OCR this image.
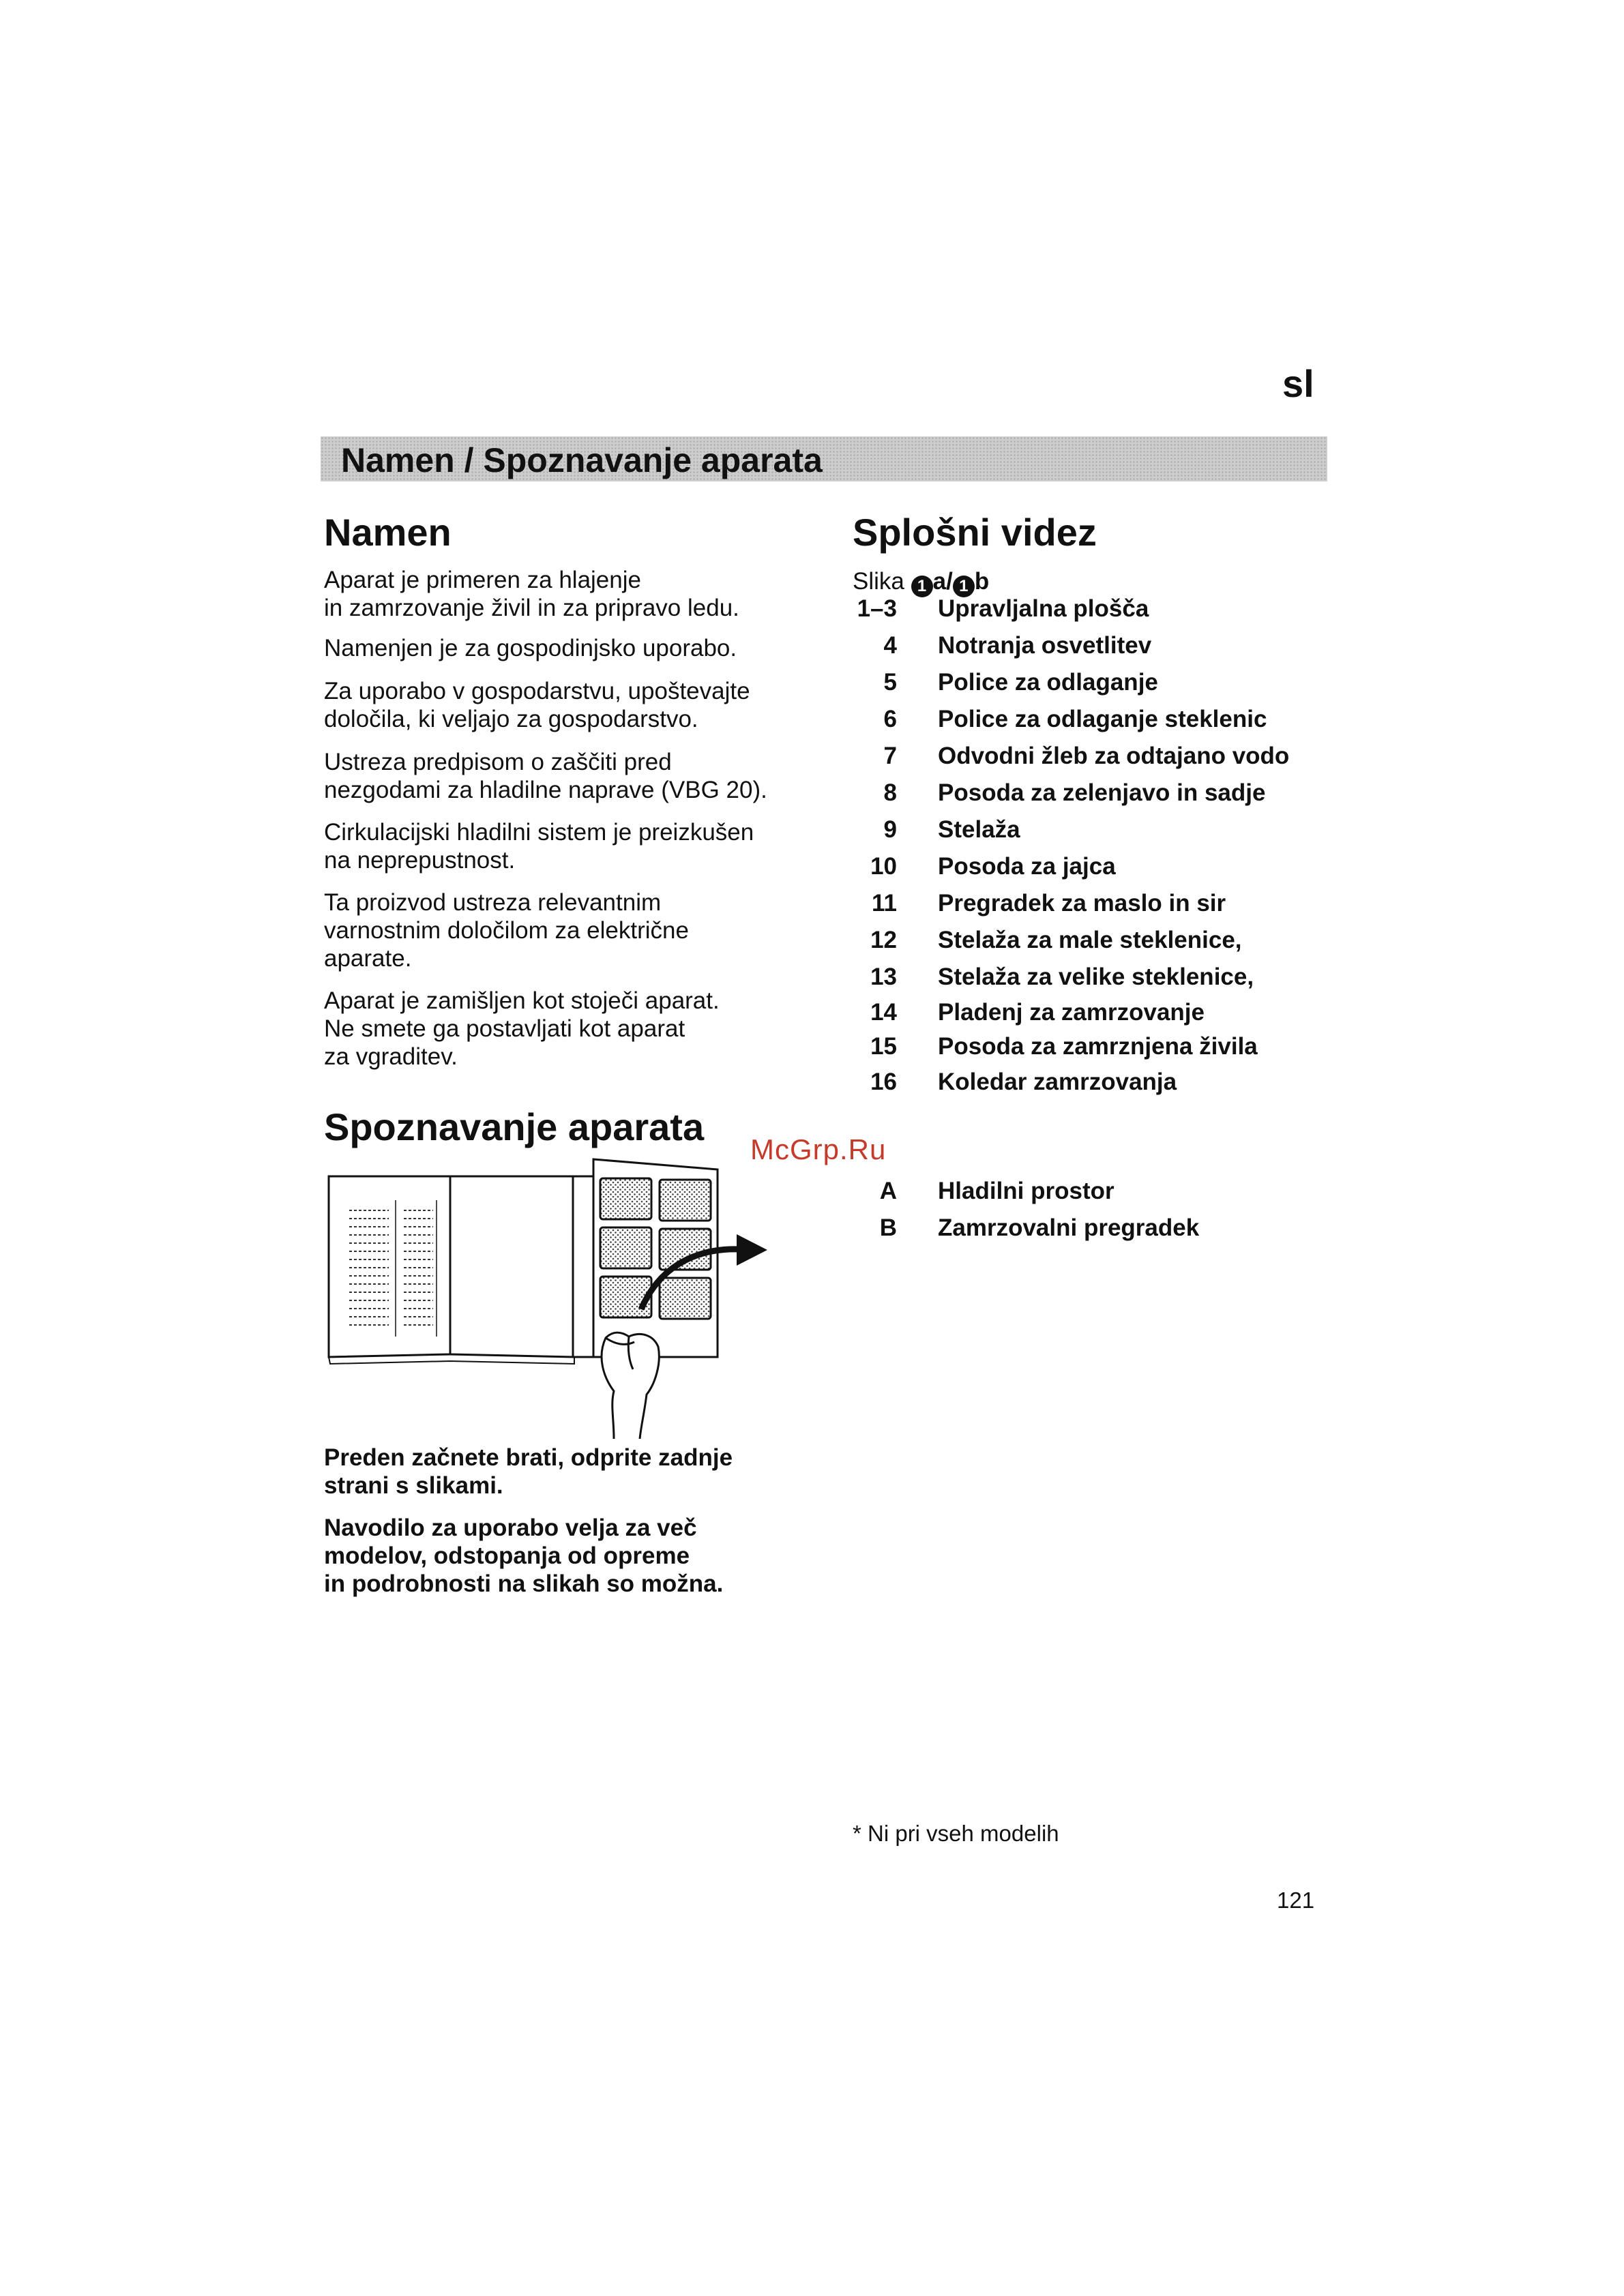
sl
Namen / Spoznavanje aparata
Namen
Aparat je primeren za hlajenje
in zamrzovanje živil in za pripravo ledu.
Namenjen je za gospodinjsko uporabo.
Za uporabo v gospodarstvu, upoštevajte
določila, ki veljajo za gospodarstvo.
Ustreza predpisom o zaščiti pred
nezgodami za hladilne naprave (VBG 20).
Cirkulacijski hladilni sistem je preizkušen
na neprepustnost.
Ta proizvod ustreza relevantnim
varnostnim določilom za električne
aparate.
Aparat je zamišljen kot stoječi aparat.
Ne smete ga postavljati kot aparat
za vgraditev.
Spoznavanje aparata
Preden začnete brati, odprite zadnje
strani s slikami.
Navodilo za uporabo velja za več
modelov, odstopanja od opreme
in podrobnosti na slikah so možna.
Splošni videz
Slika 1 a/ 1 b
1–3 Upravljalna plošča
4 Notranja osvetlitev
5 Police za odlaganje
6 Police za odlaganje steklenic
7 Odvodni žleb za odtajano vodo
8 Posoda za zelenjavo in sadje
9 Stelaža
10 Posoda za jajca
11 Pregradek za maslo in sir
12 Stelaža za male steklenice,
13 Stelaža za velike steklenice,
14 Pladenj za zamrzovanje
15 Posoda za zamrznjena živila
16 Koledar zamrzovanja
A Hladilni prostor
B Zamrzovalni pregradek
McGrp.Ru
* Ni pri vseh modelih
121
